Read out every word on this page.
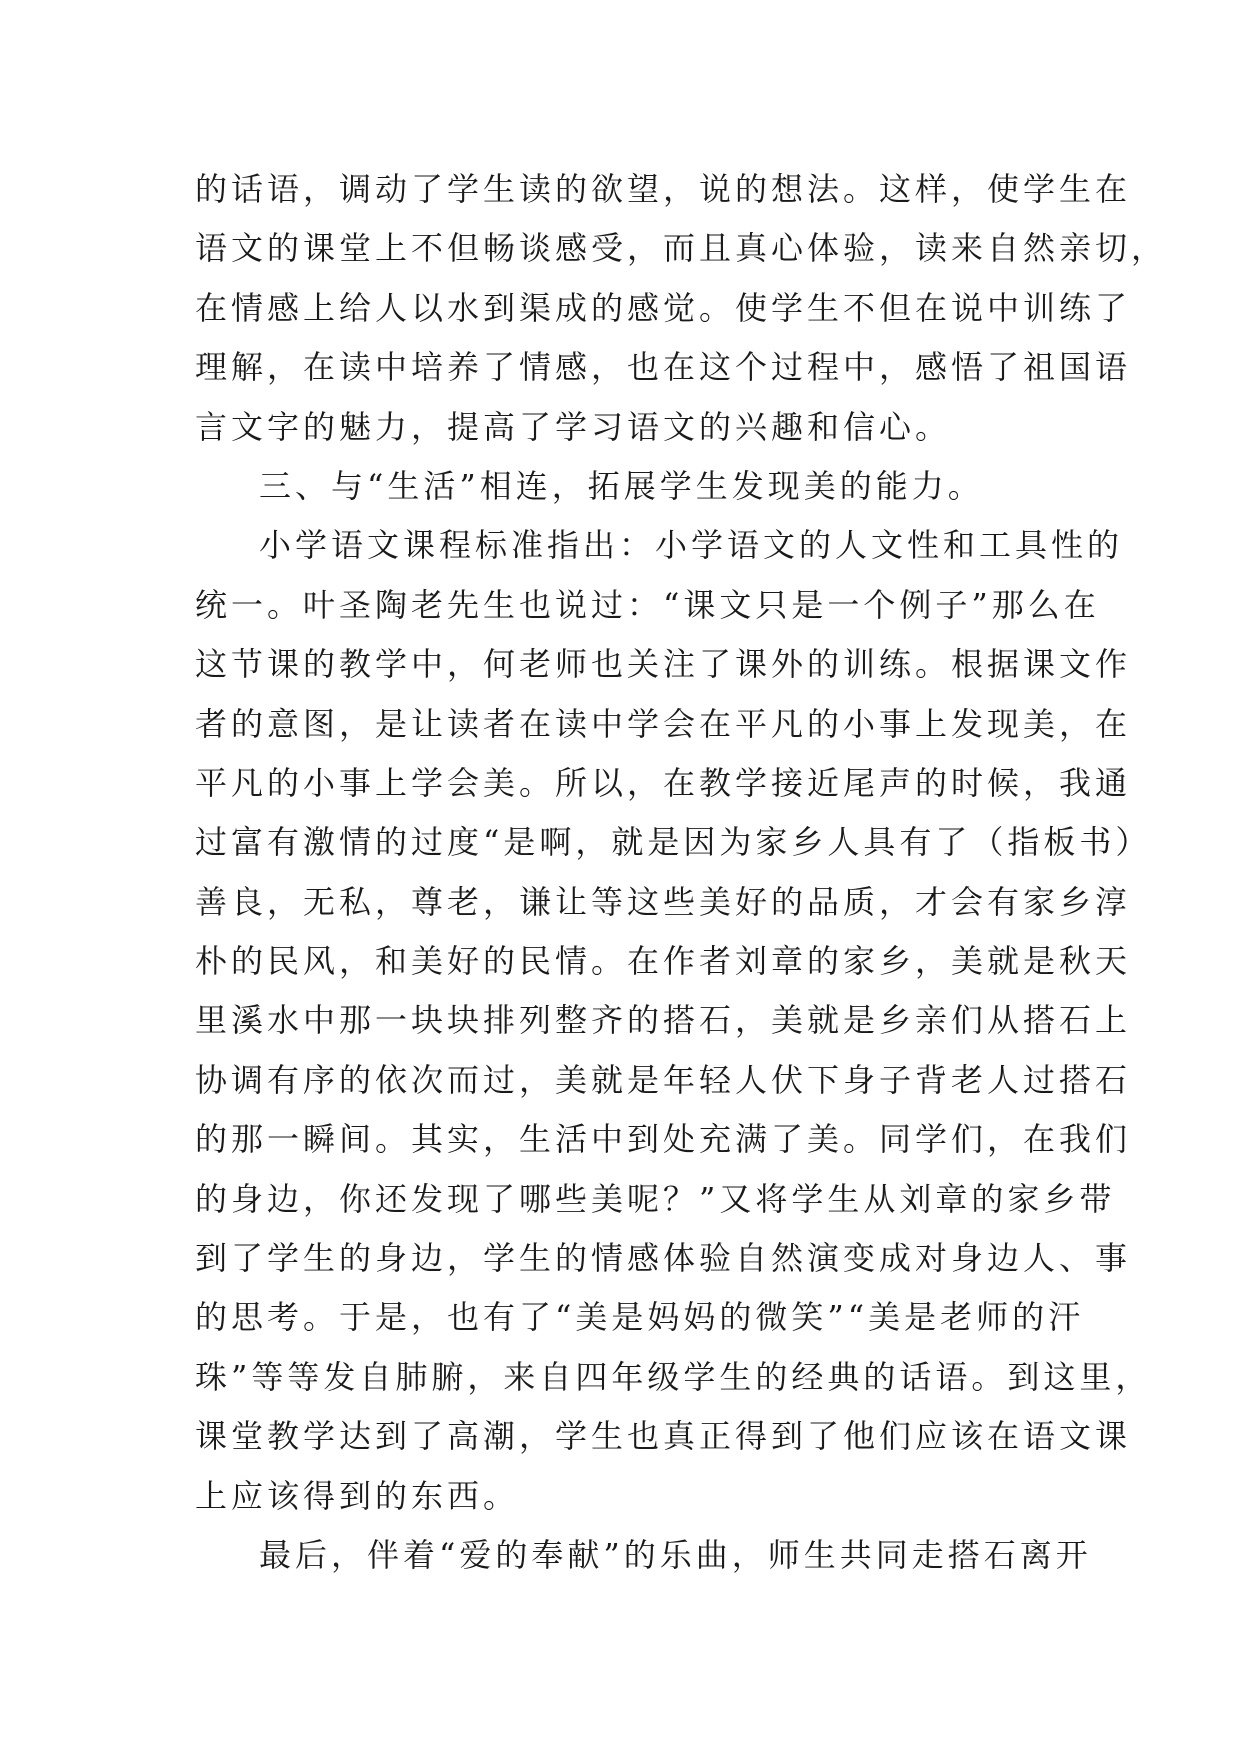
的话语，调动了学生读的欲望，说的想法。这样，使学生在
语文的课堂上不但畅谈感受，而且真心体验，读来自然亲切，
在情感上给人以水到渠成的感觉。使学生不但在说中训练了
理解，在读中培养了情感，也在这个过程中，感悟了祖国语
言文字的魅力，提高了学习语文的兴趣和信心。
三、与“生活”相连，拓展学生发现美的能力。
小学语文课程标准指出：小学语文的人文性和工具性的
统一。叶圣陶老先生也说过：“课文只是一个例子”那么在
这节课的教学中，何老师也关注了课外的训练。根据课文作
者的意图，是让读者在读中学会在平凡的小事上发现美，在
平凡的小事上学会美。所以，在教学接近尾声的时候，我通
过富有激情的过度“是啊，就是因为家乡人具有了（指板书）
善良，无私，尊老，谦让等这些美好的品质，才会有家乡淳
朴的民风，和美好的民情。在作者刘章的家乡，美就是秋天
里溪水中那一块块排列整齐的搭石，美就是乡亲们从搭石上
协调有序的依次而过，美就是年轻人伏下身子背老人过搭石
的那一瞬间。其实，生活中到处充满了美。同学们，在我们
的身边，你还发现了哪些美呢？”又将学生从刘章的家乡带
到了学生的身边，学生的情感体验自然演变成对身边人、事
的思考。于是，也有了“美是妈妈的微笑”“美是老师的汗
珠”等等发自肺腑，来自四年级学生的经典的话语。到这里，
课堂教学达到了高潮，学生也真正得到了他们应该在语文课
上应该得到的东西。
最后，伴着“爱的奉献”的乐曲，师生共同走搭石离开
